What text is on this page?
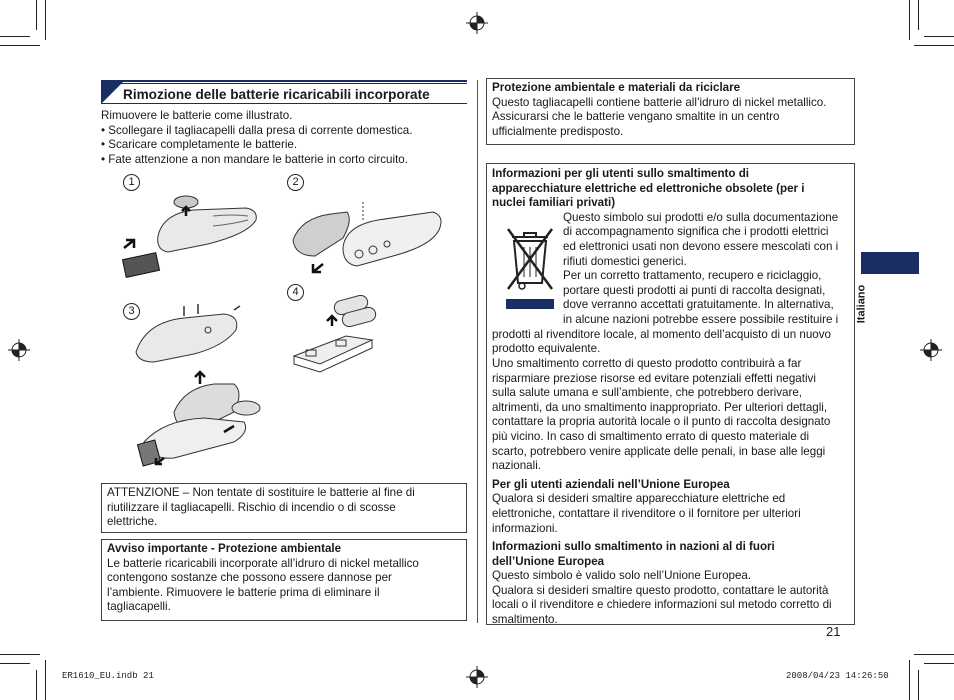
Rimozione delle batterie ricaricabili incorporate

Rimuovere le batterie come illustrato.

• Scollegare il tagliacapelli dalla presa di corrente domestica.

• Scaricare completamente le batterie.

• Fate attenzione a non mandare le batterie in corto circuito.

1	2
3
4

ATTENZIONE – Non tentate di sostituire le batterie al fine di

riutilizzare il tagliacapelli. Rischio di incendio o di scosse

elettriche.

Avviso importante - Protezione ambientale

Le batterie ricaricabili incorporate all’idruro di nickel metallico

contengono sostanze che possono essere dannose per

l’ambiente. Rimuovere le batterie prima di eliminare il

tagliacapelli.

Protezione ambientale e materiali da riciclare

Questo tagliacapelli contiene batterie all’idruro di nickel metallico.

Assicurarsi che le batterie vengano smaltite in un centro

ufficialmente predisposto.

Informazioni per gli utenti sullo smaltimento di

apparecchiature elettriche ed elettroniche obsolete (per i

nuclei familiari privati)

Questo simbolo sui prodotti e/o sulla documentazione

di accompagnamento significa che i prodotti elettrici

ed elettronici usati non devono essere mescolati con i

rifiuti domestici generici.

Per un corretto trattamento, recupero e riciclaggio,

portare questi prodotti ai punti di raccolta designati,

dove verranno accettati gratuitamente. In alternativa,

in alcune nazioni potrebbe essere possibile restituire i

prodotti al rivenditore locale, al momento dell’acquisto di un nuovo

prodotto equivalente.

Uno smaltimento corretto di questo prodotto contribuirà a far

risparmiare preziose risorse ed evitare potenziali effetti negativi

sulla salute umana e sull’ambiente, che potrebbero derivare,

altrimenti, da uno smaltimento inappropriato. Per ulteriori dettagli,

contattare la propria autorità locale o il punto di raccolta designato

più vicino. In caso di smaltimento errato di questo materiale di

scarto, potrebbero venire applicate delle penali, in base alle leggi

nazionali.

Per gli utenti aziendali nell’Unione Europea

Qualora si desideri smaltire apparecchiature elettriche ed

elettroniche, contattare il rivenditore o il fornitore per ulteriori

informazioni.

Informazioni sullo smaltimento in nazioni al di fuori

dell’Unione Europea

Questo simbolo è valido solo nell’Unione Europea.

Qualora si desideri smaltire questo prodotto, contattare le autorità

locali o il rivenditore e chiedere informazioni sul metodo corretto di

smaltimento.

Italiano
21
ER1610_EU.indb 21	2008/04/23 14:26:50
